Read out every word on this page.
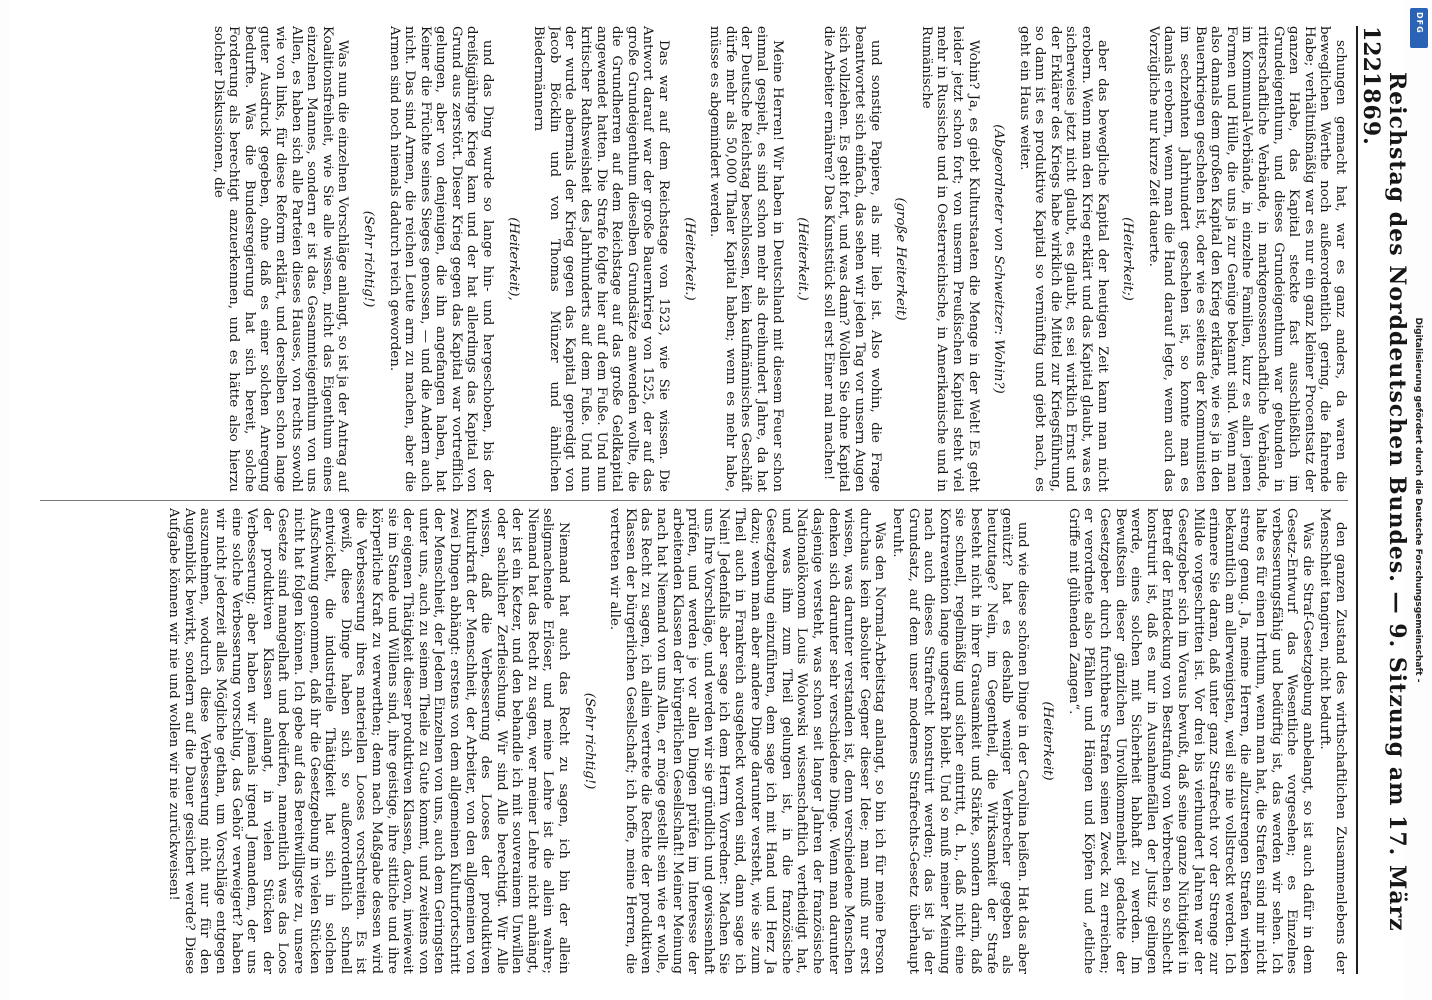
122
Reichstag des Norddeutschen Bundes. — 9. Sitzung am 17. März 1869.

schungen gemacht hat, war es ganz anders, da waren die beweglichen Werthe noch außerordentlich gering, die fahrende Habe; verhältnißmäßig war es nur ein ganz kleiner Procentsatz der ganzen Habe, das Kapital steckte fast ausschließlich im Grundeigenthum, und dieses Grundeigenthum war gebunden in ritterschaftliche Verbände, in markgenossenschaftliche Verbände, im Kommunal-Verbände, in einzelne Familien, kurz es allen jenen Formen und Hülle, die uns ja zur Genüge bekannt sind. Wenn man also damals dem großen Kapital den Krieg erklärte, wie es ja in den Bauernkriegen geschehen ist, oder wie es seitens der Kommunisten im sechzehnten Jahrhundert geschehen ist, so konnte man es damals erobern, wenn man die Hand darauf legte, wenn auch das Vorzügliche nur kurze Zeit dauerte.

(Heiterkeit;)

aber das bewegliche Kapital der heutigen Zeit kann man nicht erobern. Wenn man den Krieg erklärt und das Kapital glaubt, was es sicherweise jetzt nicht glaubt, es glaubt, es sei wirklich Ernst und der Erklärer des Kriegs habe wirklich die Mittel zur Kriegsführung, so dann ist es produktive Kapital so vernünftig und giebt nach, es geht ein Haus weiter.

(Abgeordneter von Schweitzer: Wohin?)

Wohin? Ja, es giebt Kulturstaaten die Menge in der Welt! Es geht leider jetzt schon fort; von unserm Preußischen Kapital steht viel mehr in Russische und in Oesterreichische, in Amerikanische und in Rumänische

(große Heiterkeit)

und sonstige Papiere, als mir lieb ist. Also wohin, die Frage beantwortet sich einfach, das sehen wir jeden Tag vor unsern Augen sich vollziehen. Es geht fort, und was dann? Wollen Sie ohne Kapital die Arbeiter ernähren? Das Kunststück soll erst Einer mal machen!

(Heiterkeit.)

Meine Herren! Wir haben in Deutschland mit diesem Feuer schon einmal gespielt, es sind schon mehr als dreihundert Jahre, da hat der Deutsche Reichstag beschlossen, kein kaufmännisches Geschäft dürfe mehr als 50,000 Thaler Kapital haben; wenn es mehr habe, müsse es abgemindert werden.

(Heiterkeit.)

Das war auf dem Reichstage von 1523, wie Sie wissen. Die Antwort darauf war der große Bauernkrieg von 1525, der auf das große Grundeigenthum dieselben Grundsätze anwenden wollte, die die Grundherren auf dem Reichstage auf das große Geldkapital angewendet hatten. Die Strafe folgte hier auf dem Fuße. Und nun kritischer Rathsweisheit des Jahrhunderts auf dem Fuße. Und nun der wurde abermals der Krieg gegen das Kapital gepredigt von Jacob Böcklin und von Thomas Münzer und ähnlichen Biedermännern

(Heiterkeit),

und das Ding wurde so lange hin- und hergeschoben, bis der dreißigjährige Krieg kam und der hat allerdings das Kapital von Grund aus zerstört. Dieser Krieg gegen das Kapital war vortrefflich gelungen, aber von denjenigen, die ihn angefangen haben, hat Keiner die Früchte seines Sieges genossen, — und die Andern auch nicht. Das sind Armen, die reichen Leute arm zu machen, aber die Armen sind noch niemals dadurch reich geworden.

(Sehr richtig!)

Was nun die einzelnen Vorschläge anlangt, so ist ja der Antrag auf Koalitionsfreiheit, wie Sie alle wissen, nicht das Eigenthum eines einzelnen Mannes, sondern er ist das Gesammteigenthum von uns Allen, es haben sich alle Parteien dieses Hauses, von rechts sowohl wie von links, für diese Reform erklärt, und derselben schon lange guter Ausdruck gegeben, ohne daß es einer solchen Anregung bedurfte. Was die Bundesregierung hat sich bereit, solche Forderung als berechtigt anzuerkennen, und es hätte also hierzu solcher Diskussionen, die

den ganzen Zustand des wirthschaftlichen Zusammenlebens der Menschheit tangiren, nicht bedurft.

Was die Straf-Gesetzgebung anbelangt, so ist auch dafür in dem Gesetz-Entwurf das Wesentliche vorgesehen; es Einzelnes verbesserungsfähig und bedürftig ist, das werden wir sehen. Ich halte es für einen Irrthum, wenn man hat, die Strafen sind mir nicht streng genug. Ja, meine Herren, die allzustrengen Strafen wirken bekanntlich am allerwenigsten, weil sie nie vollstreckt werden. Ich erinnere Sie daran, daß unter ganz Strafrecht vor der Strenge zur Milde vorgeschritten ist. Vor drei bis vierhundert Jahren war der Gesetzgeber sich im Voraus bewußt, daß seine ganze Nichtigkeit in Betreff der Entdeckung von Bestrafung von Verbrechen so schlecht konstruirt ist, daß es nur in Ausnahmefällen der Justiz gelingen werde, eines solchen mit Sicherheit habhaft zu werden. Im Bewußtsein dieser gänzlichen Unvollkommenheit gedachte der Gesetzgeber durch furchtbare Strafen seinen Zweck zu erreichen; er verordnete also Pfählen und Hängen und Köpfen und „etliche Griffe mit glühenden Zangen“.

(Heiterkeit)

und wie diese schönen Dinge in der Carolina heißen. Hat das aber genützt? hat es deshalb weniger Verbrecher gegeben als heutzutage? Nein, im Gegentheil, die Wirksamkeit der Strafe besteht nicht in ihrer Grausamkeit und Stärke, sondern darin, daß sie schnell, regelmäßig und sicher eintritt, d. h., daß nicht eine Kontravention lange ungestraft bleibt. Und so muß meiner Meinung nach auch dieses Strafrecht konstruirt werden; das ist ja der Grundsatz, auf dem unser modernes Strafrechts-Gesetz überhaupt beruht.

Was den Normal-Arbeitstag anlangt, so bin ich für meine Person durchaus kein absoluter Gegner dieser Idee; man muß nur erst wissen, was darunter verstanden ist, denn verschiedene Menschen denken sich darunter sehr verschiedene Dinge. Wenn man darunter dasjenige versteht, was schon seit langer Jahren der französische Nationalökonom Louis Wolowski wissenschaftlich vertheidigt hat, und was ihm zum Theil gelungen ist, in die französische Gesetzgebung einzuführen, dem sage ich mit Hand und Herz Ja dazu; wenn man aber andere Dinge darunter versteht, wie sie zum Theil auch in Frankreich ausgeheckt worden sind, dann sage ich Nein! Jedenfalls aber sage ich dem Herrn Vorredner: Machen Sie uns Ihre Vorschläge, und werden wir sie gründlich und gewissenhaft prüfen, und werden je vor allen Dingen prüfen im Interesse der arbeitenden Klassen der bürgerlichen Gesellschaft! Meiner Meinung nach hat Niemand von uns Allen, er möge gestellt sein wie er wolle, das Recht zu sagen, ich allein vertrete die Rechte der produktiven Klassen der bürgerlichen Gesellschaft; ich hoffe, meine Herren, die vertreten wir alle.

(Sehr richtig!)

Niemand hat auch das Recht zu sagen, ich bin der allein seligmachende Erlöser, und meine Lehre ist die allein wahre; Niemand hat das Recht zu sagen, wer meiner Lehre nicht anhängt, der ist ein Ketzer, und den behandle ich mit souverainem Unwillen oder sachlicher Zerfleischung. Wir sind Alle berechtigt. Wir Alle wissen, daß die Verbesserung des Looses der produktiven Kulturkraft der Menschheit, der Arbeiter, von den allgemeinen von zwei Dingen abhängt: erstens von dem allgemeinen Kulturfortschritt der Menschheit, der Jedem Einzelnen von uns, auch dem Geringsten unter uns, auch zu seinem Theile zu Gute kommt, und zweitens von der eigenen Thätigkeit dieser produktiven Klassen, davon, inwieweit sie im Stande und Willens sind, ihre geistige, ihre sittliche und ihre körperliche Kraft zu verwerthen; denn nach Maßgabe dessen wird die Verbesserung ihres materiellen Looses vorschreiten. Es ist gewiß, diese Dinge haben sich so außerordentlich schnell entwickelt, die industrielle Thätigkeit hat sich in solchen Aufschwung genommen, daß ihr die Gesetzgebung in vielen Stücken nicht hat folgen können. Ich gebe auf das Bereitwilligste zu, unsere Gesetze sind mangelhaft und bedürfen, namentlich was das Loos der produktiven Klassen anlangt, in vielen Stücken der Verbesserung; aber haben wir jemals irgend Jemandem, der uns eine solche Verbesserung vorschlug, das Gehör verweigert? haben wir nicht jederzeit alles Mögliche gethan, um Vorschläge entgegen auszunehmen, wodurch diese Verbesserung nicht nur für den Augenblick bewirkt, sondern auf die Dauer gesichert werde? Diese Aufgabe können wir nie und wollen wir nie zurückweisen!

DFG
Digitalisierung gefördert durch die Deutsche Forschungsgemeinschaft -
